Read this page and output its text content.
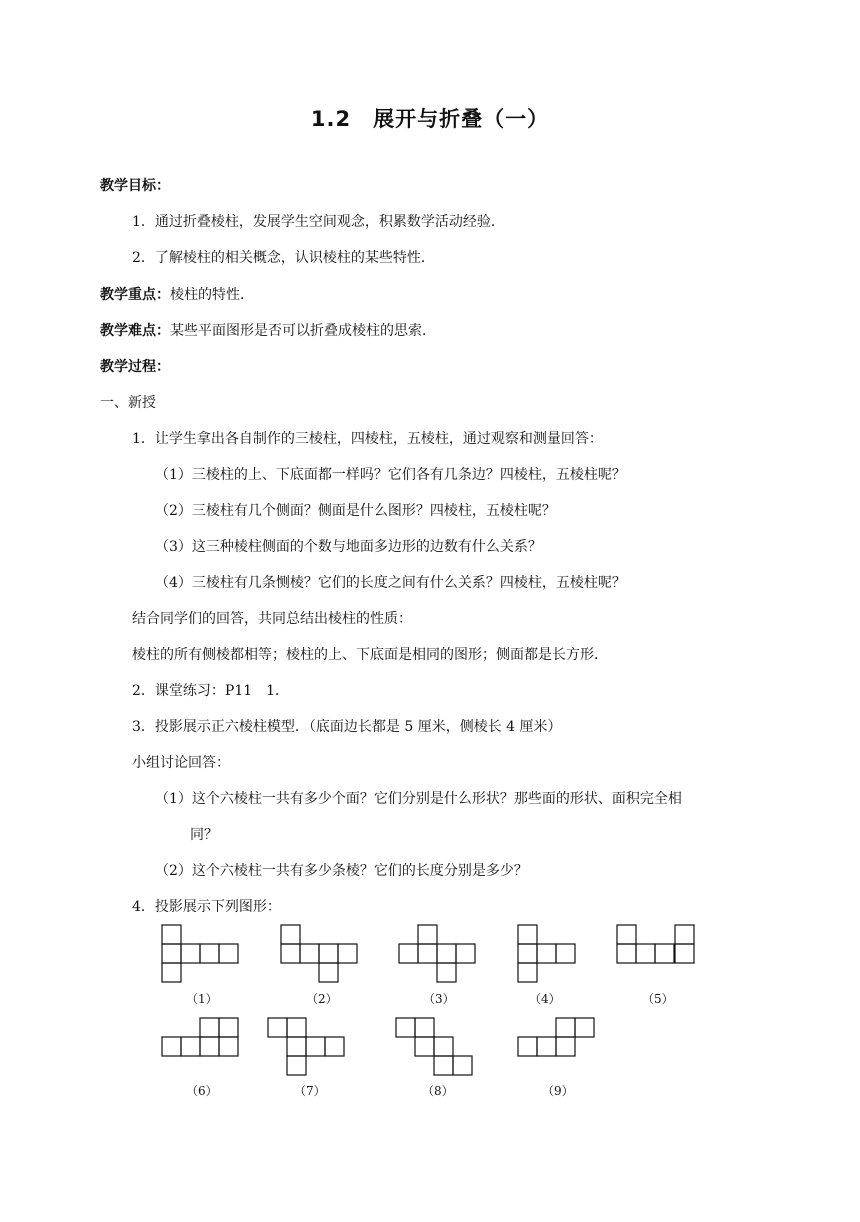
1.2　展开与折叠（一）
教学目标：
1．通过折叠棱柱，发展学生空间观念，积累数学活动经验．
2．了解棱柱的相关概念，认识棱柱的某些特性．
教学重点：棱柱的特性．
教学难点：某些平面图形是否可以折叠成棱柱的思索．
教学过程：
一、新授
1．让学生拿出各自制作的三棱柱，四棱柱，五棱柱，通过观察和测量回答：
（1）三棱柱的上、下底面都一样吗？它们各有几条边？四棱柱，五棱柱呢？
（2）三棱柱有几个侧面？侧面是什么图形？四棱柱，五棱柱呢？
（3）这三种棱柱侧面的个数与地面多边形的边数有什么关系？
（4）三棱柱有几条恻棱？它们的长度之间有什么关系？四棱柱，五棱柱呢？
结合同学们的回答，共同总结出棱柱的性质：
棱柱的所有侧棱都相等；棱柱的上、下底面是相同的图形；侧面都是长方形．
2．课堂练习：P11　1．
3．投影展示正六棱柱模型．（底面边长都是 5 厘米，侧棱长 4 厘米）
小组讨论回答：
（1）这个六棱柱一共有多少个面？它们分别是什么形状？那些面的形状、面积完全相
同？
（2）这个六棱柱一共有多少条棱？它们的长度分别是多少？
4．投影展示下列图形：
（1）	（2）	（3）	（4）	（5）
（6）	（7）	（8）	（9）
